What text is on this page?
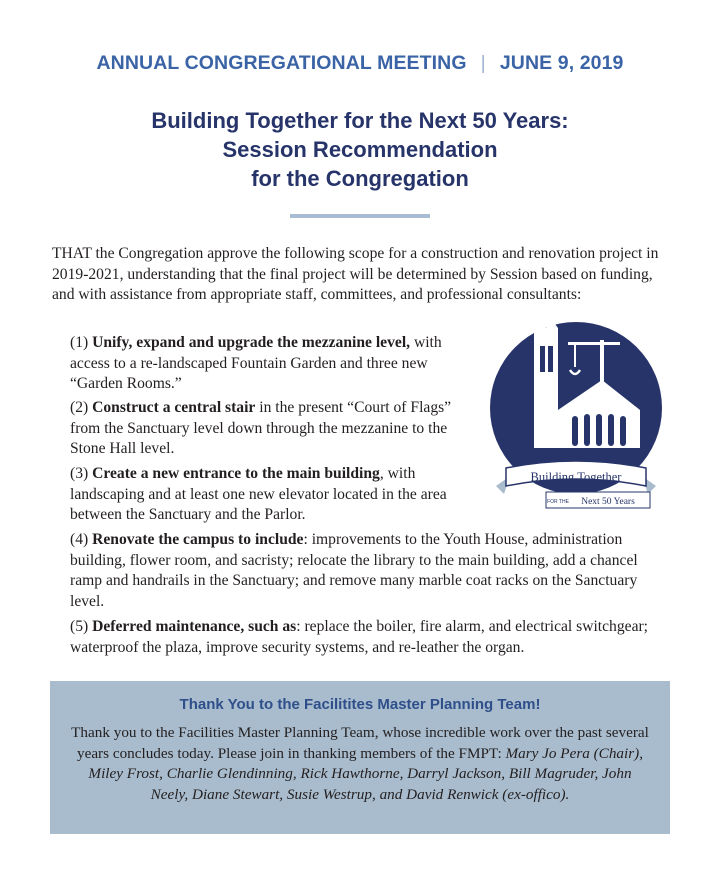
ANNUAL CONGREGATIONAL MEETING | JUNE 9, 2019
Building Together for the Next 50 Years:
Session Recommendation
for the Congregation

THAT the Congregation approve the following scope for a construction and renovation project in 2019-2021, understanding that the final project will be determined by Session based on funding, and with assistance from appropriate staff, committees, and professional consultants:

(1) Unify, expand and upgrade the mezzanine level, with access to a re-landscaped Fountain Garden and three new “Garden Rooms.”

(2) Construct a central stair in the present “Court of Flags” from the Sanctuary level down through the mezzanine to the Stone Hall level.

(3) Create a new entrance to the main building, with landscaping and at least one new elevator located in the area between the Sanctuary and the Parlor.

(4) Renovate the campus to include: improvements to the Youth House, administration building, flower room, and sacristy; relocate the library to the main building, add a chancel ramp and handrails in the Sanctuary; and remove many marble coat racks on the Sanctuary level.

(5) Deferred maintenance, such as: replace the boiler, fire alarm, and electrical switchgear; waterproof the plaza, improve security systems, and re-leather the organ.

Building Together
FOR THE Next 50 Years
Thank You to the Facilitites Master Planning Team!
Thank you to the Facilities Master Planning Team, whose incredible work over the past several years concludes today. Please join in thanking members of the FMPT: Mary Jo Pera (Chair), Miley Frost, Charlie Glendinning, Rick Hawthorne, Darryl Jackson, Bill Magruder, John Neely, Diane Stewart, Susie Westrup, and David Renwick (ex-offico).
